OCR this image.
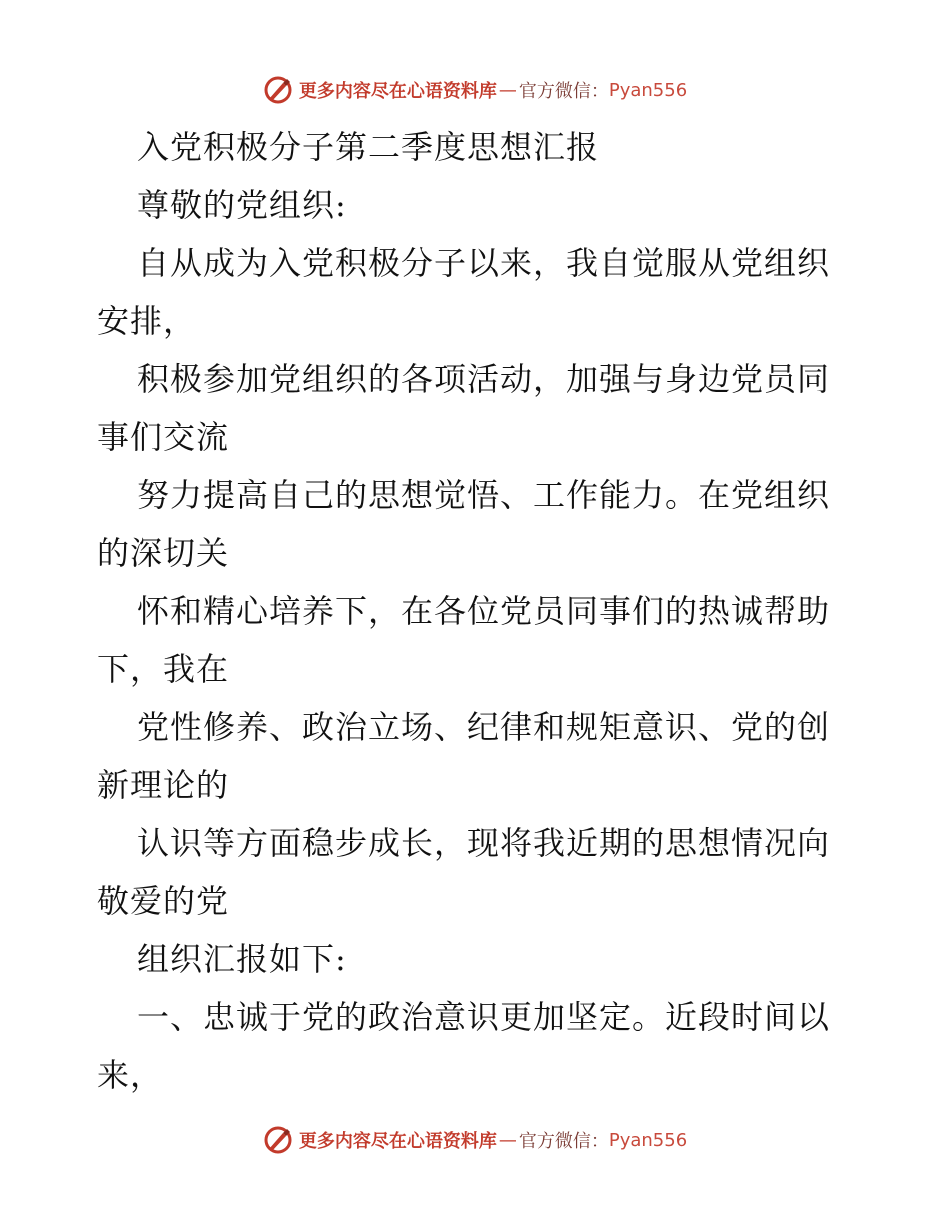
更多内容尽在心语资料库 — 官方微信： Pyan556
入党积极分子第二季度思想汇报
尊敬的党组织:
自从成为入党积极分子以来，我自觉服从党组织
安排，
积极参加党组织的各项活动，加强与身边党员同
事们交流
努力提高自己的思想觉悟、工作能力。在党组织
的深切关
怀和精心培养下，在各位党员同事们的热诚帮助
下，我在
党性修养、政治立场、纪律和规矩意识、党的创
新理论的
认识等方面稳步成长，现将我近期的思想情况向
敬爱的党
组织汇报如下:
一、忠诚于党的政治意识更加坚定。近段时间以
来，
更多内容尽在心语资料库 — 官方微信： Pyan556
